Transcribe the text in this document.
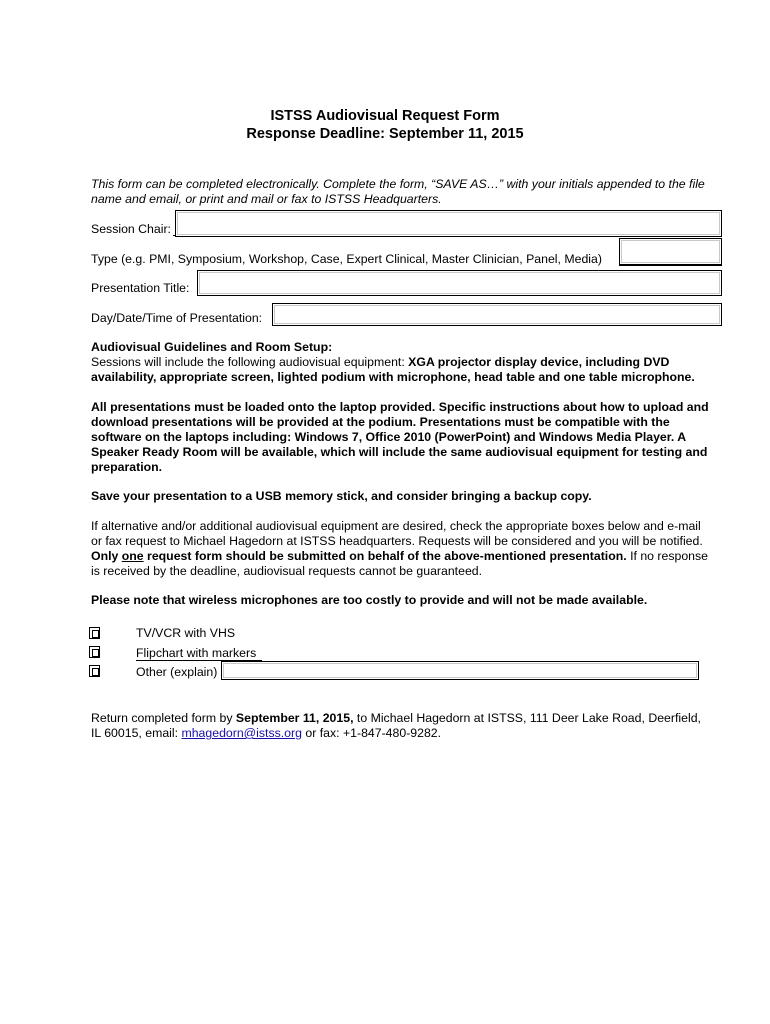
ISTSS Audiovisual Request Form
Response Deadline: September 11, 2015
This form can be completed electronically. Complete the form, “SAVE AS…” with your initials appended to the file
name and email, or print and mail or fax to ISTSS Headquarters.
Session Chair:
Type (e.g. PMI, Symposium, Workshop, Case, Expert Clinical, Master Clinician, Panel, Media)
Presentation Title:
Day/Date/Time of Presentation:
Audiovisual Guidelines and Room Setup:
Sessions will include the following audiovisual equipment: XGA projector display device, including DVD
availability, appropriate screen, lighted podium with microphone, head table and one table microphone.
All presentations must be loaded onto the laptop provided. Specific instructions about how to upload and
download presentations will be provided at the podium. Presentations must be compatible with the
software on the laptops including: Windows 7, Office 2010 (PowerPoint) and Windows Media Player. A
Speaker Ready Room will be available, which will include the same audiovisual equipment for testing and
preparation.
Save your presentation to a USB memory stick, and consider bringing a backup copy.
If alternative and/or additional audiovisual equipment are desired, check the appropriate boxes below and e-mail
or fax request to Michael Hagedorn at ISTSS headquarters. Requests will be considered and you will be notified.
Only one request form should be submitted on behalf of the above-mentioned presentation. If no response
is received by the deadline, audiovisual requests cannot be guaranteed.
Please note that wireless microphones are too costly to provide and will not be made available.
TV/VCR with VHS
Flipchart with markers
Other (explain)
Return completed form by September 11, 2015, to Michael Hagedorn at ISTSS, 111 Deer Lake Road, Deerfield,
IL 60015, email: mhagedorn@istss.org or fax: +1-847-480-9282.
